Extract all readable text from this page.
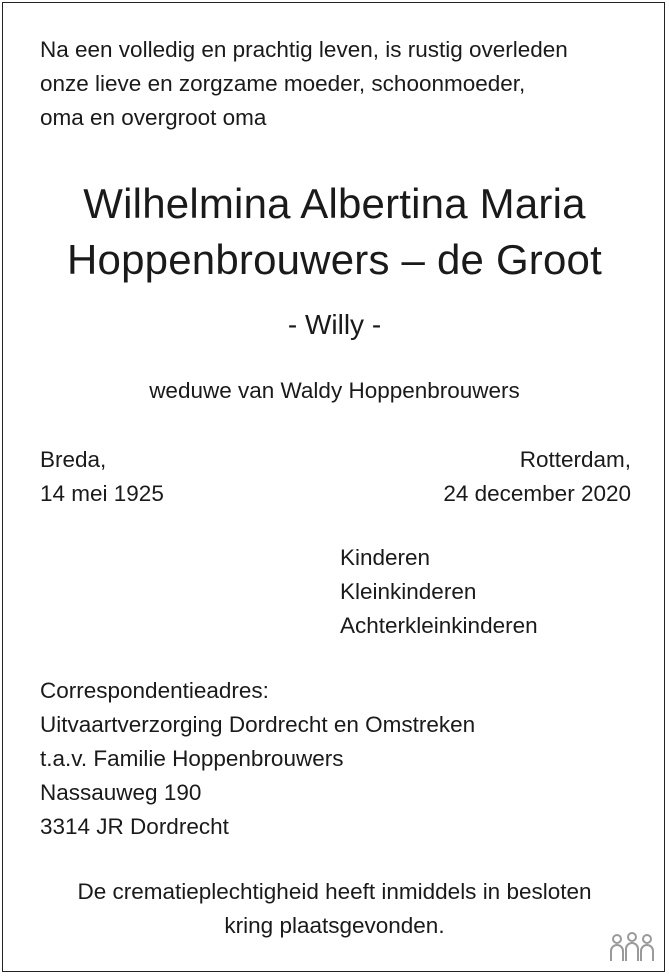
Na een volledig en prachtig leven, is rustig overleden
onze lieve en zorgzame moeder, schoonmoeder,
oma en overgroot oma
Wilhelmina Albertina Maria
Hoppenbrouwers – de Groot
- Willy -
weduwe van Waldy Hoppenbrouwers
Breda,
14 mei 1925
Rotterdam,
24 december 2020
Kinderen
Kleinkinderen
Achterkleinkinderen
Correspondentieadres:
Uitvaartverzorging Dordrecht en Omstreken
t.a.v. Familie Hoppenbrouwers
Nassauweg 190
3314 JR Dordrecht
De crematieplechtigheid heeft inmiddels in besloten
kring plaatsgevonden.
